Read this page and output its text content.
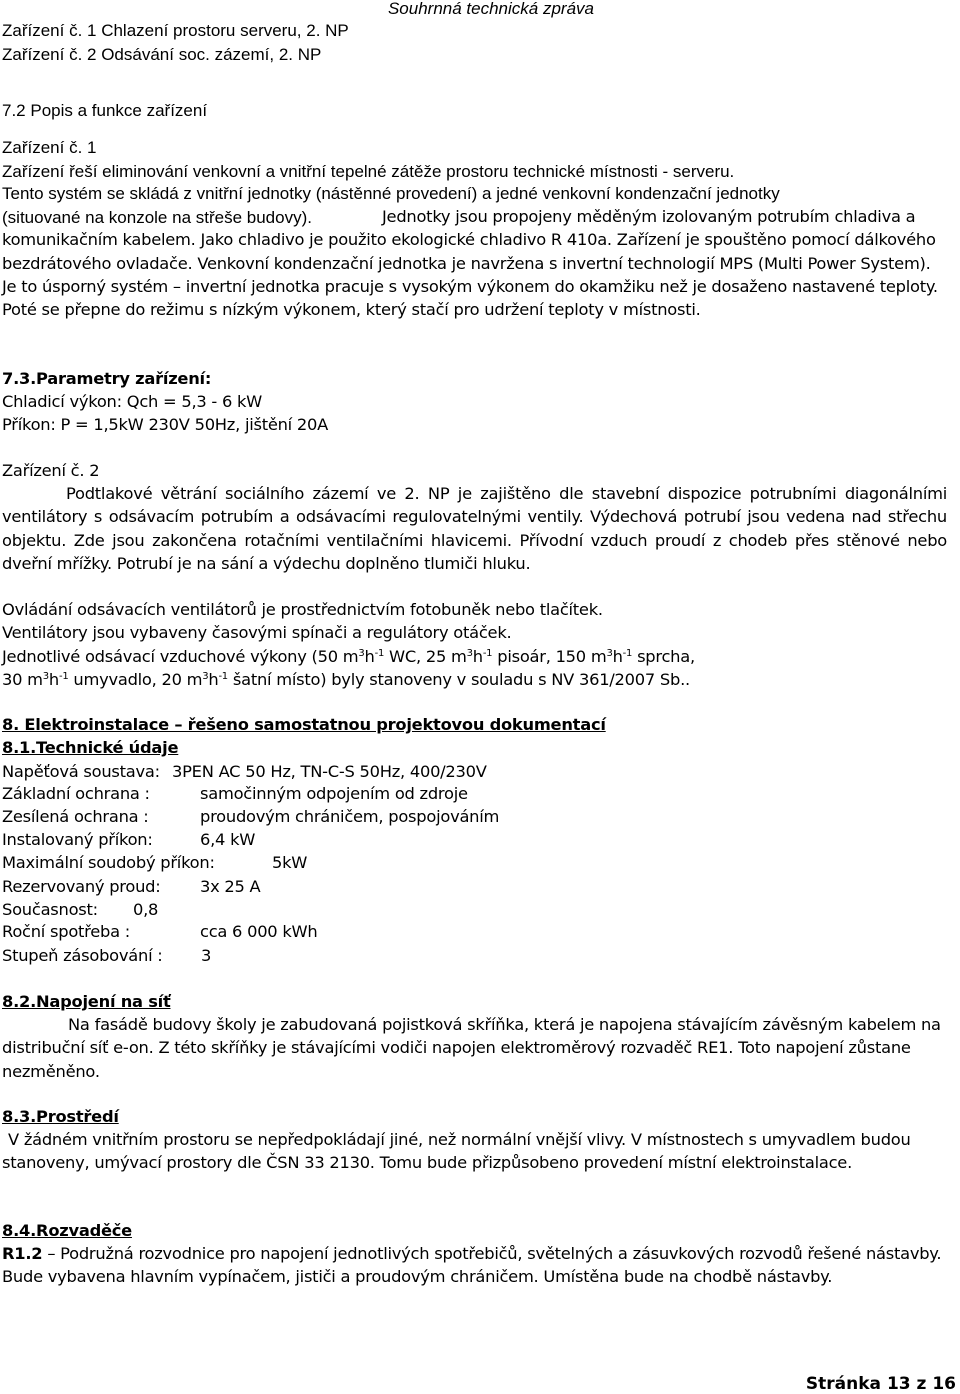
Souhrnná technická zpráva
Zařízení č. 1 Chlazení prostoru serveru, 2. NP
Zařízení č. 2 Odsávání soc. zázemí, 2. NP
7.2 Popis a funkce zařízení
Zařízení č. 1
Zařízení řeší eliminování venkovní a vnitřní tepelné zátěže prostoru technické místnosti - serveru.
Tento systém se skládá z vnitřní jednotky (nástěnné provedení) a jedné venkovní kondenzační jednotky
(situované na konzole na střeše budovy).	Jednotky jsou propojeny měděným izolovaným potrubím chladiva a komunikačním kabelem. Jako chladivo je použito ekologické chladivo R 410a. Zařízení je spouštěno pomocí dálkového bezdrátového ovladače. Venkovní kondenzační jednotka je navržena s invertní technologií MPS (Multi Power System). Je to úsporný systém – invertní jednotka pracuje s vysokým výkonem do okamžiku než je dosaženo nastavené teploty. Poté se přepne do režimu s nízkým výkonem, který stačí pro udržení teploty v místnosti.
7.3.Parametry zařízení:
Chladicí výkon: Qch = 5,3 - 6 kW
Příkon: P = 1,5kW 230V 50Hz, jištění 20A
Zařízení č. 2
Podtlakové větrání sociálního zázemí ve 2. NP je zajištěno dle stavební dispozice potrubními diagonálními ventilátory s odsávacím potrubím a odsávacími regulovatelnými ventily. Výdechová potrubí jsou vedena nad střechu objektu. Zde jsou zakončena rotačními ventilačními hlavicemi. Přívodní vzduch proudí z chodeb přes stěnové nebo dveřní mřížky. Potrubí je na sání a výdechu doplněno tlumiči hluku.
Ovládání odsávacích ventilátorů je prostřednictvím fotobuněk nebo tlačítek.
Ventilátory jsou vybaveny časovými spínači a regulátory otáček.
Jednotlivé odsávací vzduchové výkony (50 $m^3h^{-1}$ WC, 25 $m^3h^{-1}$ pisoár, 150 $m^3h^{-1}$ sprcha,
30 $m^3h^{-1}$ umyvadlo, 20 $m^3h^{-1}$ šatní místo) byly stanoveny v souladu s NV 361/2007 Sb..
8. Elektroinstalace – řešeno samostatnou projektovou dokumentací
8.1.Technické údaje
Napěťová soustava: 3PEN AC 50 Hz, TN-C-S 50Hz, 400/230V
Základní ochrana :	samočinným odpojením od zdroje
Zesílená ochrana :	proudovým chráničem, pospojováním
Instalovaný příkon:	6,4 kW
Maximální soudobý příkon:	5kW
Rezervovaný proud: 3x 25 A
Současnost: 0,8
Roční spotřeba :	cca 6 000 kWh
Stupeň zásobování : 3
8.2.Napojení na síť
Na fasádě budovy školy je zabudovaná pojistková skříňka, která je napojena stávajícím závěsným kabelem na distribuční síť e-on. Z této skříňky je stávajícími vodiči napojen elektroměrový rozvaděč RE1. Toto napojení zůstane nezměněno.
8.3.Prostředí
V žádném vnitřním prostoru se nepředpokládají jiné, než normální vnější vlivy. V místnostech s umyvadlem budou stanoveny, umývací prostory dle ČSN 33 2130. Tomu bude přizpůsobeno provedení místní elektroinstalace.
8.4.Rozvaděče
R1.2 – Podružná rozvodnice pro napojení jednotlivých spotřebičů, světelných a zásuvkových rozvodů řešené nástavby. Bude vybavena hlavním vypínačem, jističi a proudovým chráničem. Umístěna bude na chodbě nástavby.
Stránka 13 z 16
